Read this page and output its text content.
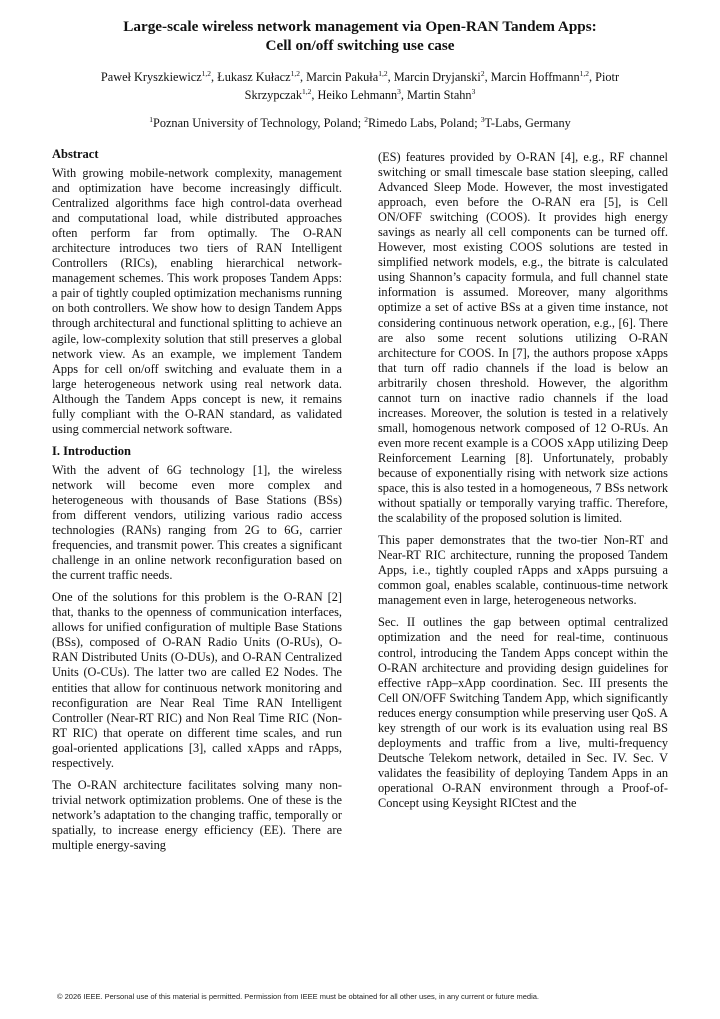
Large-scale wireless network management via Open-RAN Tandem Apps:
Cell on/off switching use case
Paweł Kryszkiewicz$^{1,2}$, Łukasz Kułacz$^{1,2}$, Marcin Pakuła$^{1,2}$, Marcin Dryjanski$^2$, Marcin Hoffmann$^{1,2}$, Piotr
Skrzypczak$^{1,2}$, Heiko Lehmann$^3$, Martin Stahn$^3$
$^1$Poznan University of Technology, Poland; $^2$Rimedo Labs, Poland; $^3$T-Labs, Germany
Abstract

With growing mobile-network complexity, management and optimization have become increasingly difficult. Centralized algorithms face high control-data overhead and computational load, while distributed approaches often perform far from optimally. The O-RAN architecture introduces two tiers of RAN Intelligent Controllers (RICs), enabling hierarchical network-management schemes. This work proposes Tandem Apps: a pair of tightly coupled optimization mechanisms running on both controllers. We show how to design Tandem Apps through architectural and functional splitting to achieve an agile, low-complexity solution that still preserves a global network view. As an example, we implement Tandem Apps for cell on/off switching and evaluate them in a large heterogeneous network using real network data. Although the Tandem Apps concept is new, it remains fully compliant with the O-RAN standard, as validated using commercial network software.

I. Introduction

With the advent of 6G technology [1], the wireless network will become even more complex and heterogeneous with thousands of Base Stations (BSs) from different vendors, utilizing various radio access technologies (RANs) ranging from 2G to 6G, carrier frequencies, and transmit power. This creates a significant challenge in an online network reconfiguration based on the current traffic needs.

One of the solutions for this problem is the O-RAN [2] that, thanks to the openness of communication interfaces, allows for unified configuration of multiple Base Stations (BSs), composed of O-RAN Radio Units (O-RUs), O-RAN Distributed Units (O-DUs), and O-RAN Centralized Units (O-CUs). The latter two are called E2 Nodes. The entities that allow for continuous network monitoring and reconfiguration are Near Real Time RAN Intelligent Controller (Near-RT RIC) and Non Real Time RIC (Non-RT RIC) that operate on different time scales, and run goal-oriented applications [3], called xApps and rApps, respectively.

The O-RAN architecture facilitates solving many non-trivial network optimization problems. One of these is the network’s adaptation to the changing traffic, temporally or spatially, to increase energy efficiency (EE). There are multiple energy-saving

(ES) features provided by O-RAN [4], e.g., RF channel switching or small timescale base station sleeping, called Advanced Sleep Mode. However, the most investigated approach, even before the O-RAN era [5], is Cell ON/OFF switching (COOS). It provides high energy savings as nearly all cell components can be turned off. However, most existing COOS solutions are tested in simplified network models, e.g., the bitrate is calculated using Shannon’s capacity formula, and full channel state information is assumed. Moreover, many algorithms optimize a set of active BSs at a given time instance, not considering continuous network operation, e.g., [6]. There are also some recent solutions utilizing O-RAN architecture for COOS. In [7], the authors propose xApps that turn off radio channels if the load is below an arbitrarily chosen threshold. However, the algorithm cannot turn on inactive radio channels if the load increases. Moreover, the solution is tested in a relatively small, homogenous network composed of 12 O-RUs. An even more recent example is a COOS xApp utilizing Deep Reinforcement Learning [8]. Unfortunately, probably because of exponentially rising with network size actions space, this is also tested in a homogeneous, 7 BSs network without spatially or temporally varying traffic. Therefore, the scalability of the proposed solution is limited.

This paper demonstrates that the two-tier Non-RT and Near-RT RIC architecture, running the proposed Tandem Apps, i.e., tightly coupled rApps and xApps pursuing a common goal, enables scalable, continuous-time network management even in large, heterogeneous networks.

Sec. II outlines the gap between optimal centralized optimization and the need for real-time, continuous control, introducing the Tandem Apps concept within the O-RAN architecture and providing design guidelines for effective rApp–xApp coordination. Sec. III presents the Cell ON/OFF Switching Tandem App, which significantly reduces energy consumption while preserving user QoS. A key strength of our work is its evaluation using real BS deployments and traffic from a live, multi-frequency Deutsche Telekom network, detailed in Sec. IV. Sec. V validates the feasibility of deploying Tandem Apps in an operational O-RAN environment through a Proof-of-Concept using Keysight RICtest and the

© 2026 IEEE. Personal use of this material is permitted. Permission from IEEE must be obtained for all other uses, in any current or future media.
